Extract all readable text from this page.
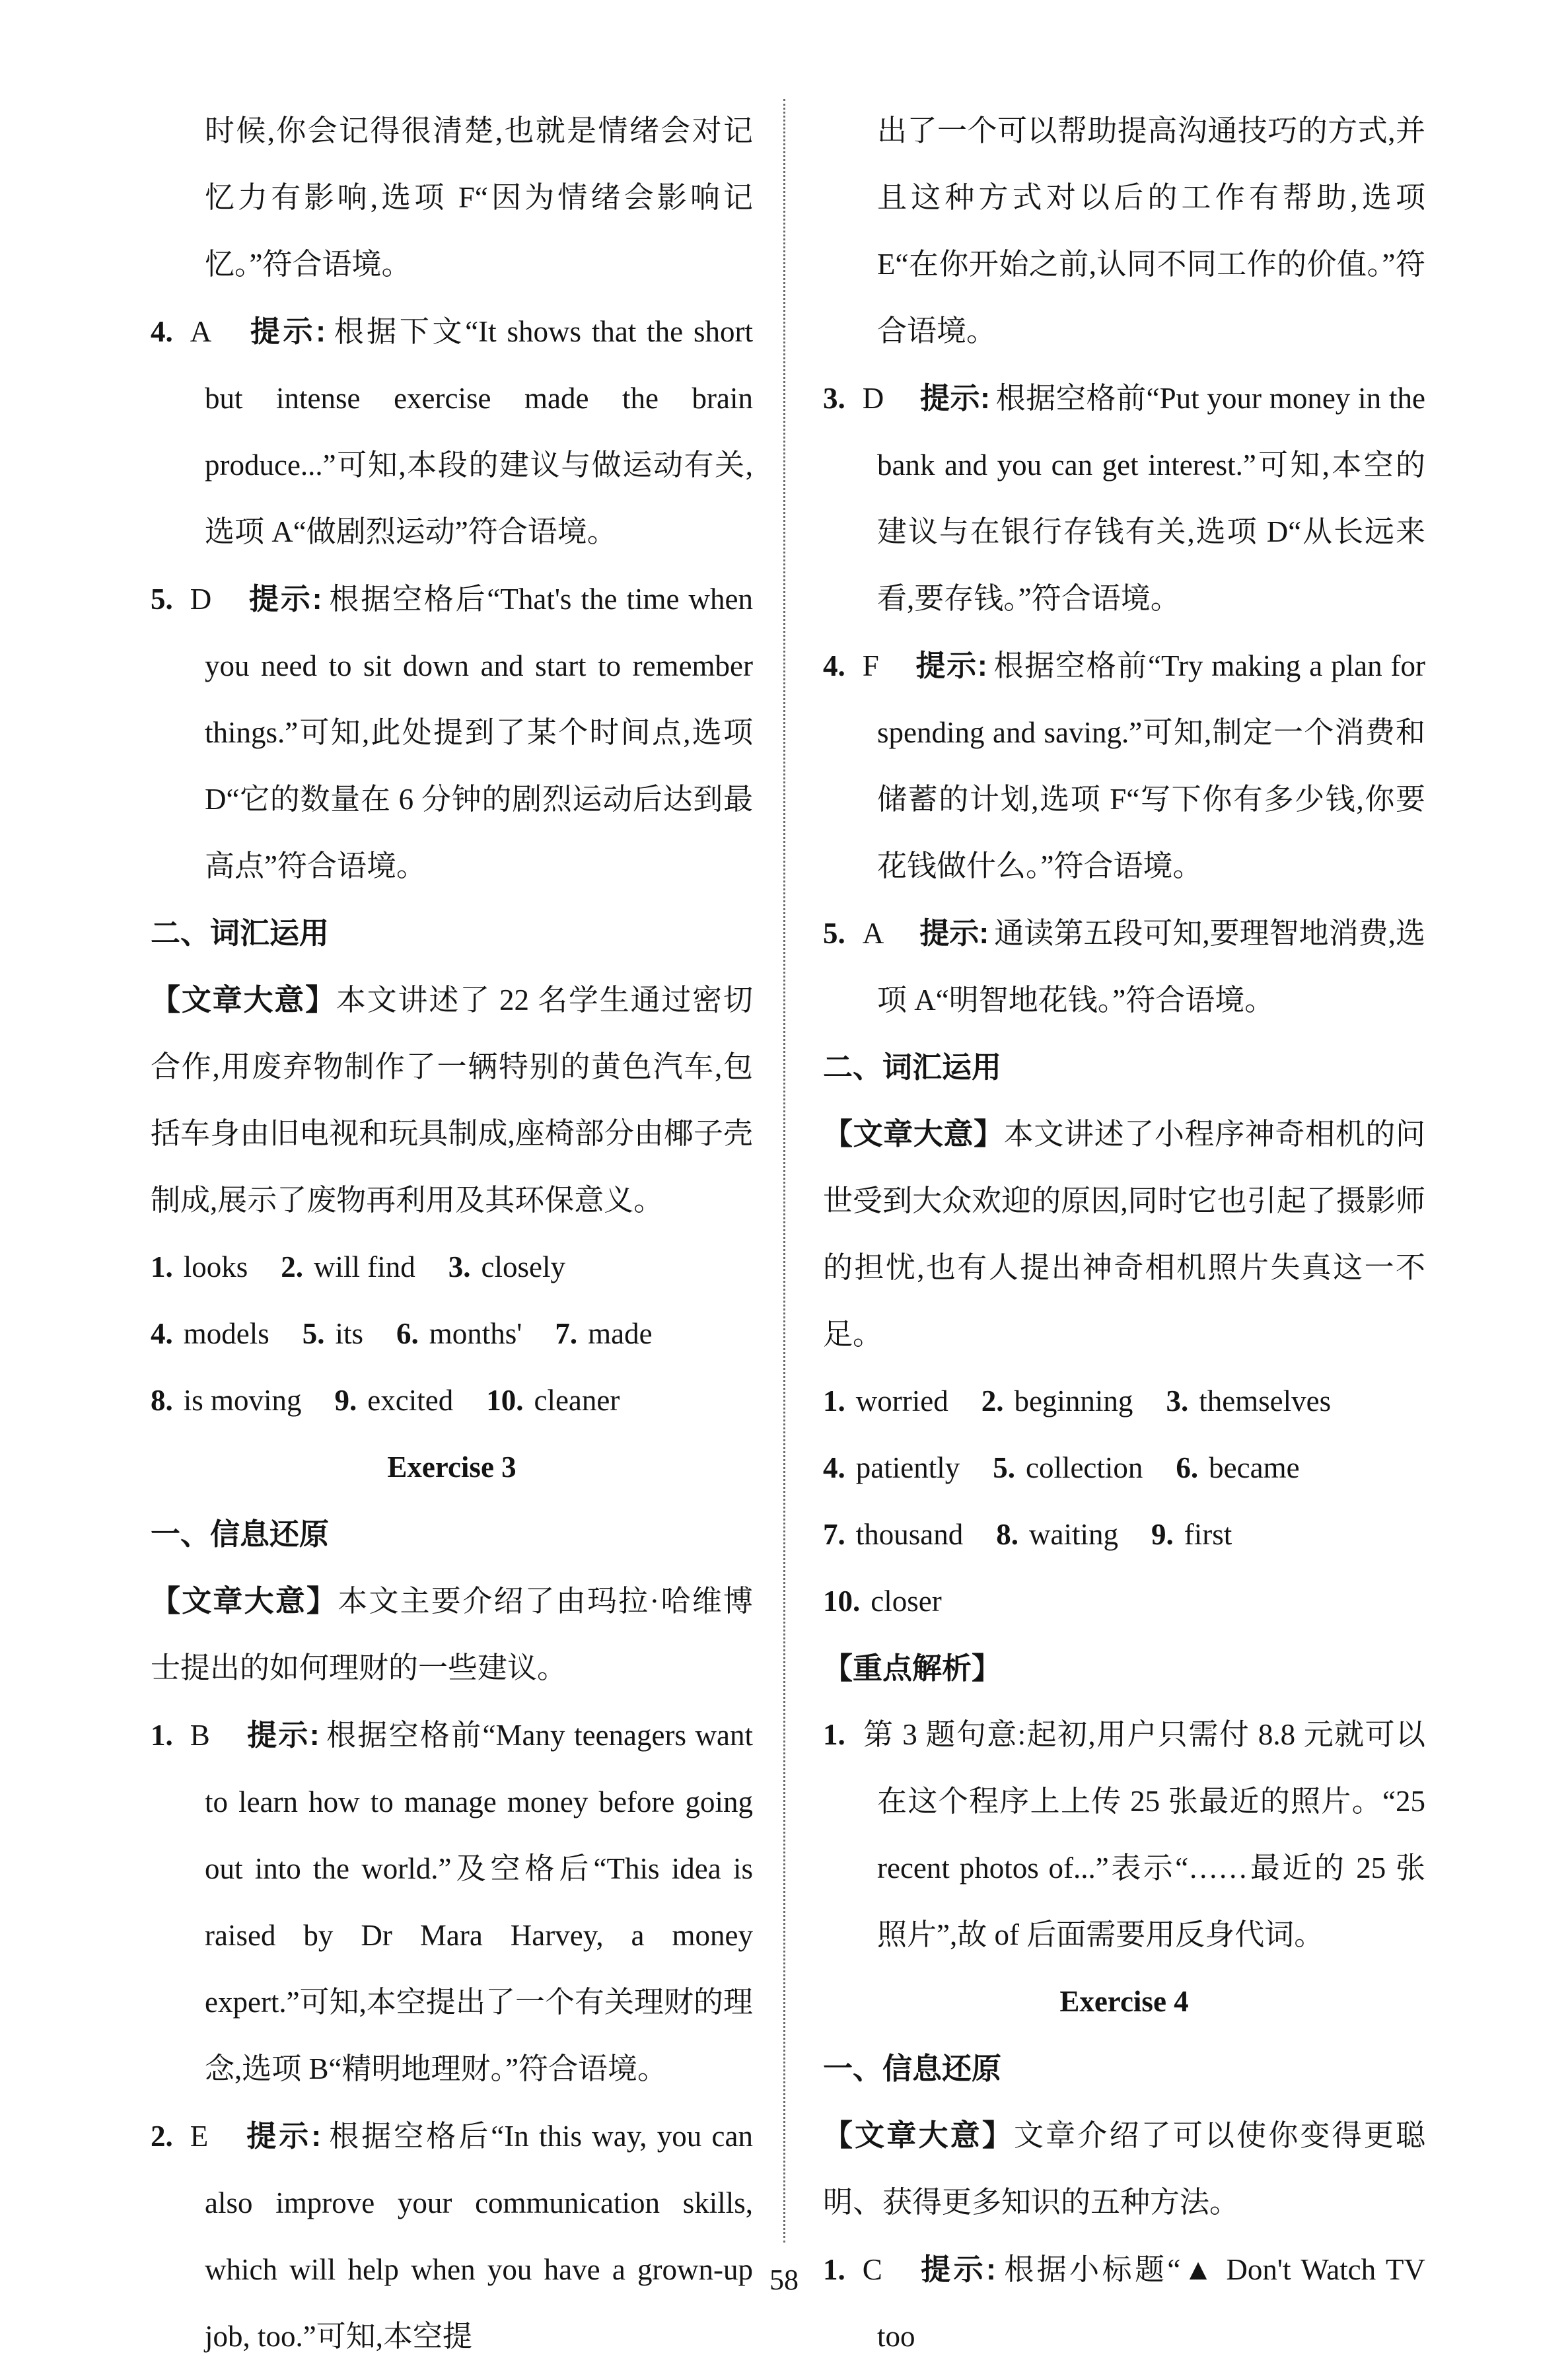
时候,你会记得很清楚,也就是情绪会对记忆力有影响,选项 F“因为情绪会影响记忆。”符合语境。
4. A 提示: 根据下文“It shows that the short but intense exercise made the brain produce...”可知,本段的建议与做运动有关,选项 A“做剧烈运动”符合语境。
5. D 提示: 根据空格后“That's the time when you need to sit down and start to remember things.”可知,此处提到了某个时间点,选项 D“它的数量在 6 分钟的剧烈运动后达到最高点”符合语境。
二、词汇运用
【文章大意】本文讲述了 22 名学生通过密切合作,用废弃物制作了一辆特别的黄色汽车,包括车身由旧电视和玩具制成,座椅部分由椰子壳制成,展示了废物再利用及其环保意义。
1. looks 2. will find 3. closely
4. models 5. its 6. months' 7. made
8. is moving 9. excited 10. cleaner
Exercise 3
一、信息还原
【文章大意】本文主要介绍了由玛拉·哈维博士提出的如何理财的一些建议。
1. B 提示: 根据空格前“Many teenagers want to learn how to manage money before going out into the world.”及空格后“This idea is raised by Dr Mara Harvey, a money expert.”可知,本空提出了一个有关理财的理念,选项 B“精明地理财。”符合语境。
2. E 提示: 根据空格后“In this way, you can also improve your communication skills, which will help when you have a grown-up job, too.”可知,本空提
出了一个可以帮助提高沟通技巧的方式,并且这种方式对以后的工作有帮助,选项 E“在你开始之前,认同不同工作的价值。”符合语境。
3. D 提示: 根据空格前“Put your money in the bank and you can get interest.”可知,本空的建议与在银行存钱有关,选项 D“从长远来看,要存钱。”符合语境。
4. F 提示: 根据空格前“Try making a plan for spending and saving.”可知,制定一个消费和储蓄的计划,选项 F“写下你有多少钱,你要花钱做什么。”符合语境。
5. A 提示: 通读第五段可知,要理智地消费,选项 A“明智地花钱。”符合语境。
二、词汇运用
【文章大意】本文讲述了小程序神奇相机的问世受到大众欢迎的原因,同时它也引起了摄影师的担忧,也有人提出神奇相机照片失真这一不足。
1. worried 2. beginning 3. themselves
4. patiently 5. collection 6. became
7. thousand 8. waiting 9. first
10. closer
【重点解析】
1. 第 3 题句意:起初,用户只需付 8.8 元就可以在这个程序上上传 25 张最近的照片。“25 recent photos of...”表示“……最近的 25 张照片”,故 of 后面需要用反身代词。
Exercise 4
一、信息还原
【文章大意】文章介绍了可以使你变得更聪明、获得更多知识的五种方法。
1. C 提示: 根据小标题“▲ Don't Watch TV too
58
